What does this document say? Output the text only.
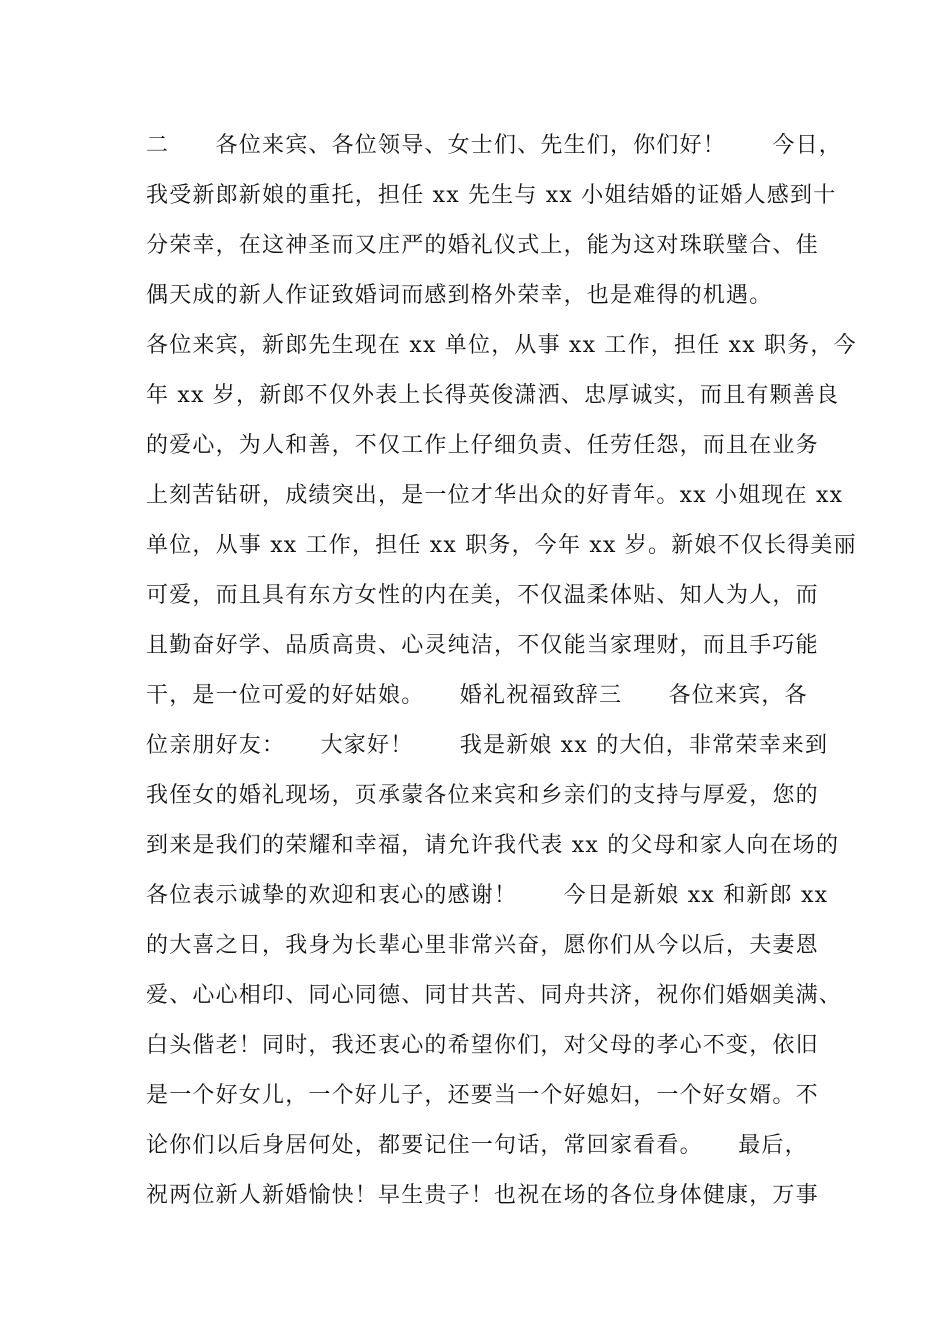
二　　各位来宾、各位领导、女士们、先生们，你们好！　　今日，
我受新郎新娘的重托，担任 xx 先生与 xx 小姐结婚的证婚人感到十
分荣幸，在这神圣而又庄严的婚礼仪式上，能为这对珠联璧合、佳
偶天成的新人作证致婚词而感到格外荣幸，也是难得的机遇。
各位来宾，新郎先生现在 xx 单位，从事 xx 工作，担任 xx 职务，今
年 xx 岁，新郎不仅外表上长得英俊潇洒、忠厚诚实，而且有颗善良
的爱心，为人和善，不仅工作上仔细负责、任劳任怨，而且在业务
上刻苦钻研，成绩突出，是一位才华出众的好青年。xx 小姐现在 xx
单位，从事 xx 工作，担任 xx 职务，今年 xx 岁。新娘不仅长得美丽
可爱，而且具有东方女性的内在美，不仅温柔体贴、知人为人，而
且勤奋好学、品质高贵、心灵纯洁，不仅能当家理财，而且手巧能
干，是一位可爱的好姑娘。　　婚礼祝福致辞三　　各位来宾，各
位亲朋好友：　　大家好！　　我是新娘 xx 的大伯，非常荣幸来到
我侄女的婚礼现场，页承蒙各位来宾和乡亲们的支持与厚爱，您的
到来是我们的荣耀和幸福，请允许我代表 xx 的父母和家人向在场的
各位表示诚挚的欢迎和衷心的感谢！　　今日是新娘 xx 和新郎 xx
的大喜之日，我身为长辈心里非常兴奋，愿你们从今以后，夫妻恩
爱、心心相印、同心同德、同甘共苦、同舟共济，祝你们婚姻美满、
白头偕老！同时，我还衷心的希望你们，对父母的孝心不变，依旧
是一个好女儿，一个好儿子，还要当一个好媳妇，一个好女婿。不
论你们以后身居何处，都要记住一句话，常回家看看。　　最后，
祝两位新人新婚愉快！早生贵子！也祝在场的各位身体健康，万事
